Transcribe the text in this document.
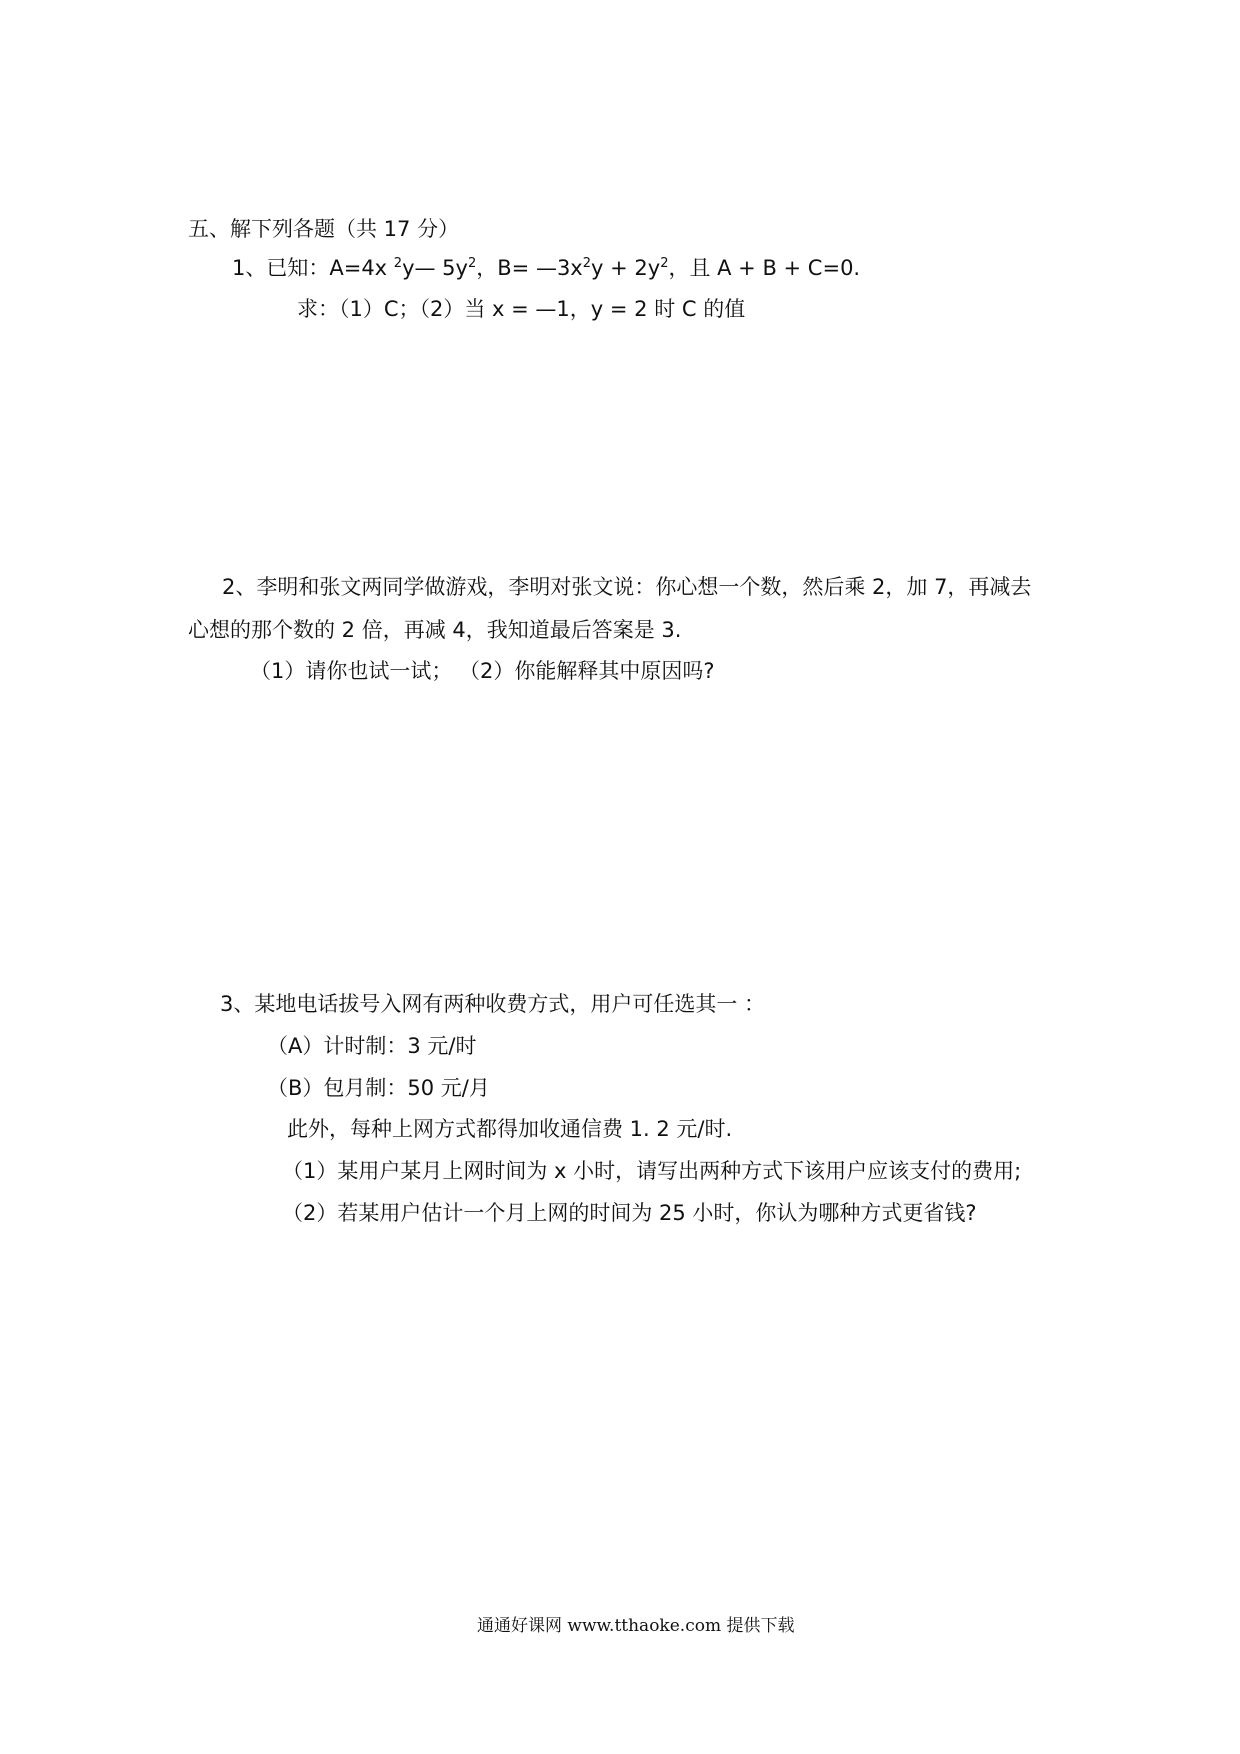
五、解下列各题（共 17 分）
1、已知：A=4x $^2$y— $5y^2$，$B= —3x^2y + 2y^2$，且 A + B + C=0.
求：（1）C；（2）当 x = —1，y = 2 时 C 的值
2、李明和张文两同学做游戏，李明对张文说：你心想一个数，然后乘 2，加 7，再减去
心想的那个数的 2 倍，再减 4，我知道最后答案是 3.
（1）请你也试一试； （2）你能解释其中原因吗?
3、某地电话拔号入网有两种收费方式，用户可任选其一 ：
（A）计时制：3 元/时
（B）包月制：50 元/月
此外，每种上网方式都得加收通信费 1. 2 元/时.
（1）某用户某月上网时间为 x 小时，请写出两种方式下该用户应该支付的费用;
（2）若某用户估计一个月上网的时间为 25 小时，你认为哪种方式更省钱?
通通好课网 www.tthaoke.com 提供下载
